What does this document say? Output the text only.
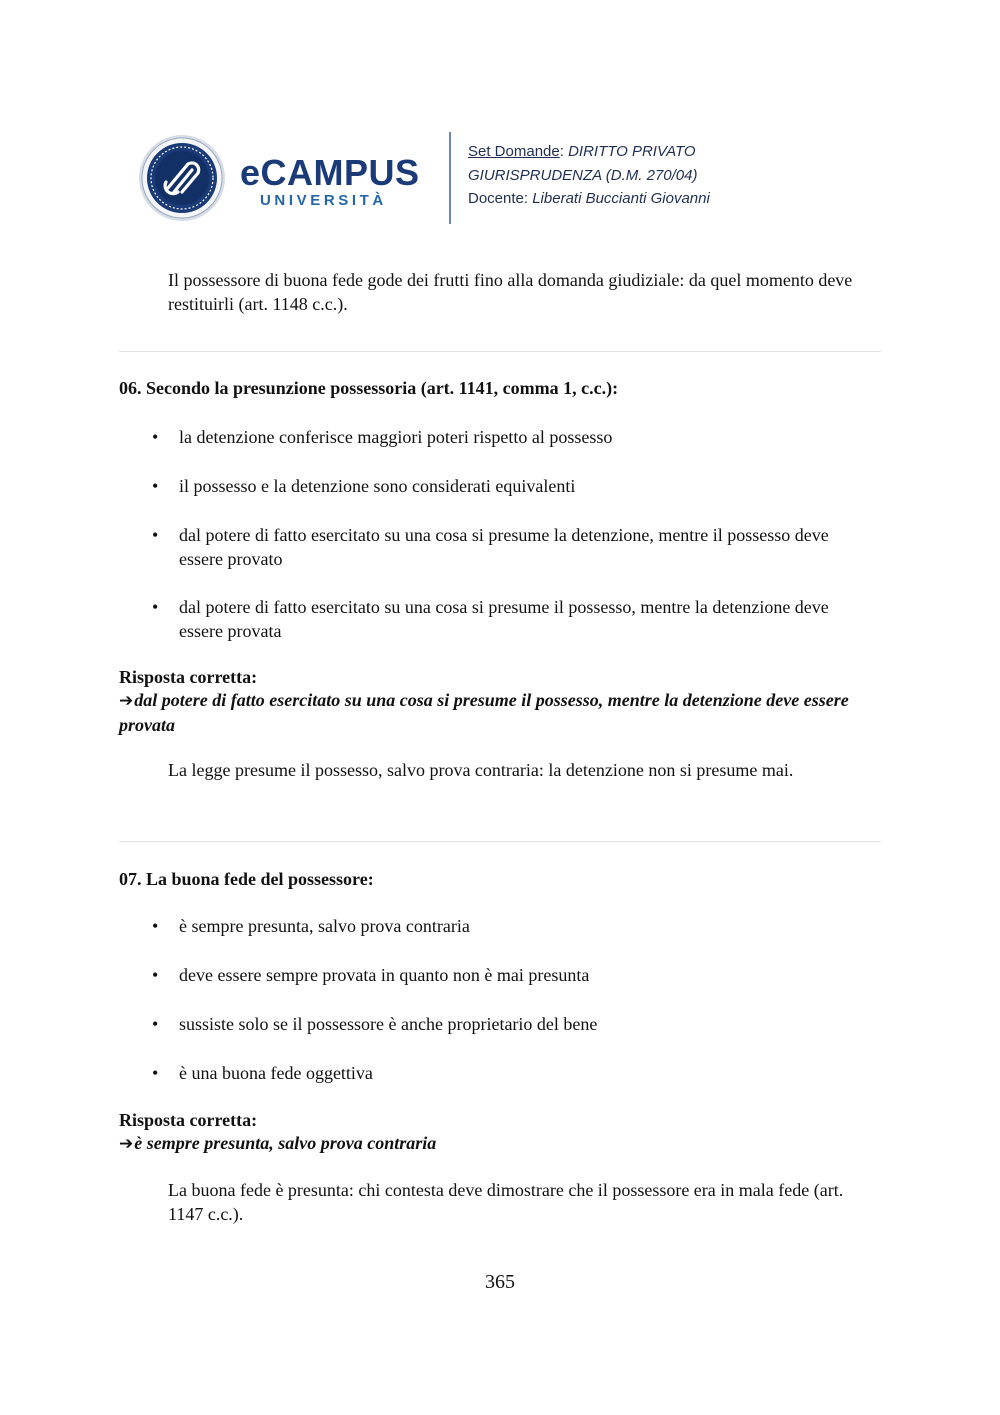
eCAMPUS
UNIVERSITÀ
Set Domande: DIRITTO PRIVATO
GIURISPRUDENZA (D.M. 270/04)
Docente: Liberati Buccianti Giovanni
Il possessore di buona fede gode dei frutti fino alla domanda giudiziale: da quel momento deve restituirli (art. 1148 c.c.).
06. Secondo la presunzione possessoria (art. 1141, comma 1, c.c.):
• la detenzione conferisce maggiori poteri rispetto al possesso
• il possesso e la detenzione sono considerati equivalenti
• dal potere di fatto esercitato su una cosa si presume la detenzione, mentre il possesso deve essere provato
• dal potere di fatto esercitato su una cosa si presume il possesso, mentre la detenzione deve essere provata
Risposta corretta:
➔dal potere di fatto esercitato su una cosa si presume il possesso, mentre la detenzione deve essere provata
La legge presume il possesso, salvo prova contraria: la detenzione non si presume mai.
07. La buona fede del possessore:
• è sempre presunta, salvo prova contraria
• deve essere sempre provata in quanto non è mai presunta
• sussiste solo se il possessore è anche proprietario del bene
• è una buona fede oggettiva
Risposta corretta:
➔è sempre presunta, salvo prova contraria
La buona fede è presunta: chi contesta deve dimostrare che il possessore era in mala fede (art. 1147 c.c.).
365
